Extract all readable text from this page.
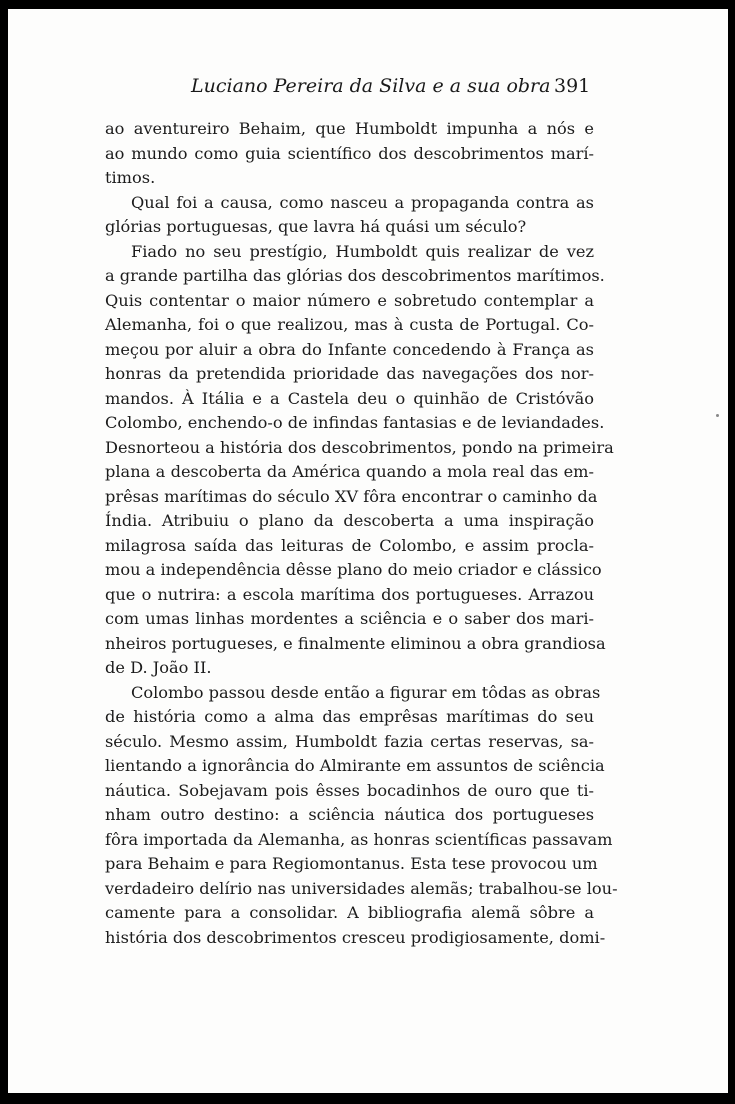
Luciano Pereira da Silva e a sua obra 391
ao aventureiro Behaim, que Humboldt impunha a nós e
ao mundo como guia scientífico dos descobrimentos marí-
timos.
Qual foi a causa, como nasceu a propaganda contra as
glórias portuguesas, que lavra há quási um século?
Fiado no seu prestígio, Humboldt quis realizar de vez
a grande partilha das glórias dos descobrimentos marítimos.
Quis contentar o maior número e sobretudo contemplar a
Alemanha, foi o que realizou, mas à custa de Portugal. Co-
meçou por aluir a obra do Infante concedendo à França as
honras da pretendida prioridade das navegações dos nor-
mandos. À Itália e a Castela deu o quinhão de Cristóvão
Colombo, enchendo-o de infindas fantasias e de leviandades.
Desnorteou a história dos descobrimentos, pondo na primeira
plana a descoberta da América quando a mola real das em-
prêsas marítimas do século XV fôra encontrar o caminho da
Índia. Atribuiu o plano da descoberta a uma inspiração
milagrosa saída das leituras de Colombo, e assim procla-
mou a independência dêsse plano do meio criador e clássico
que o nutrira: a escola marítima dos portugueses. Arrazou
com umas linhas mordentes a sciência e o saber dos mari-
nheiros portugueses, e finalmente eliminou a obra grandiosa
de D. João II.
Colombo passou desde então a figurar em tôdas as obras
de história como a alma das emprêsas marítimas do seu
século. Mesmo assim, Humboldt fazia certas reservas, sa-
lientando a ignorância do Almirante em assuntos de sciência
náutica. Sobejavam pois êsses bocadinhos de ouro que ti-
nham outro destino: a sciência náutica dos portugueses
fôra importada da Alemanha, as honras scientíficas passavam
para Behaim e para Regiomontanus. Esta tese provocou um
verdadeiro delírio nas universidades alemãs; trabalhou-se lou-
camente para a consolidar. A bibliografia alemã sôbre a
história dos descobrimentos cresceu prodigiosamente, domi-
